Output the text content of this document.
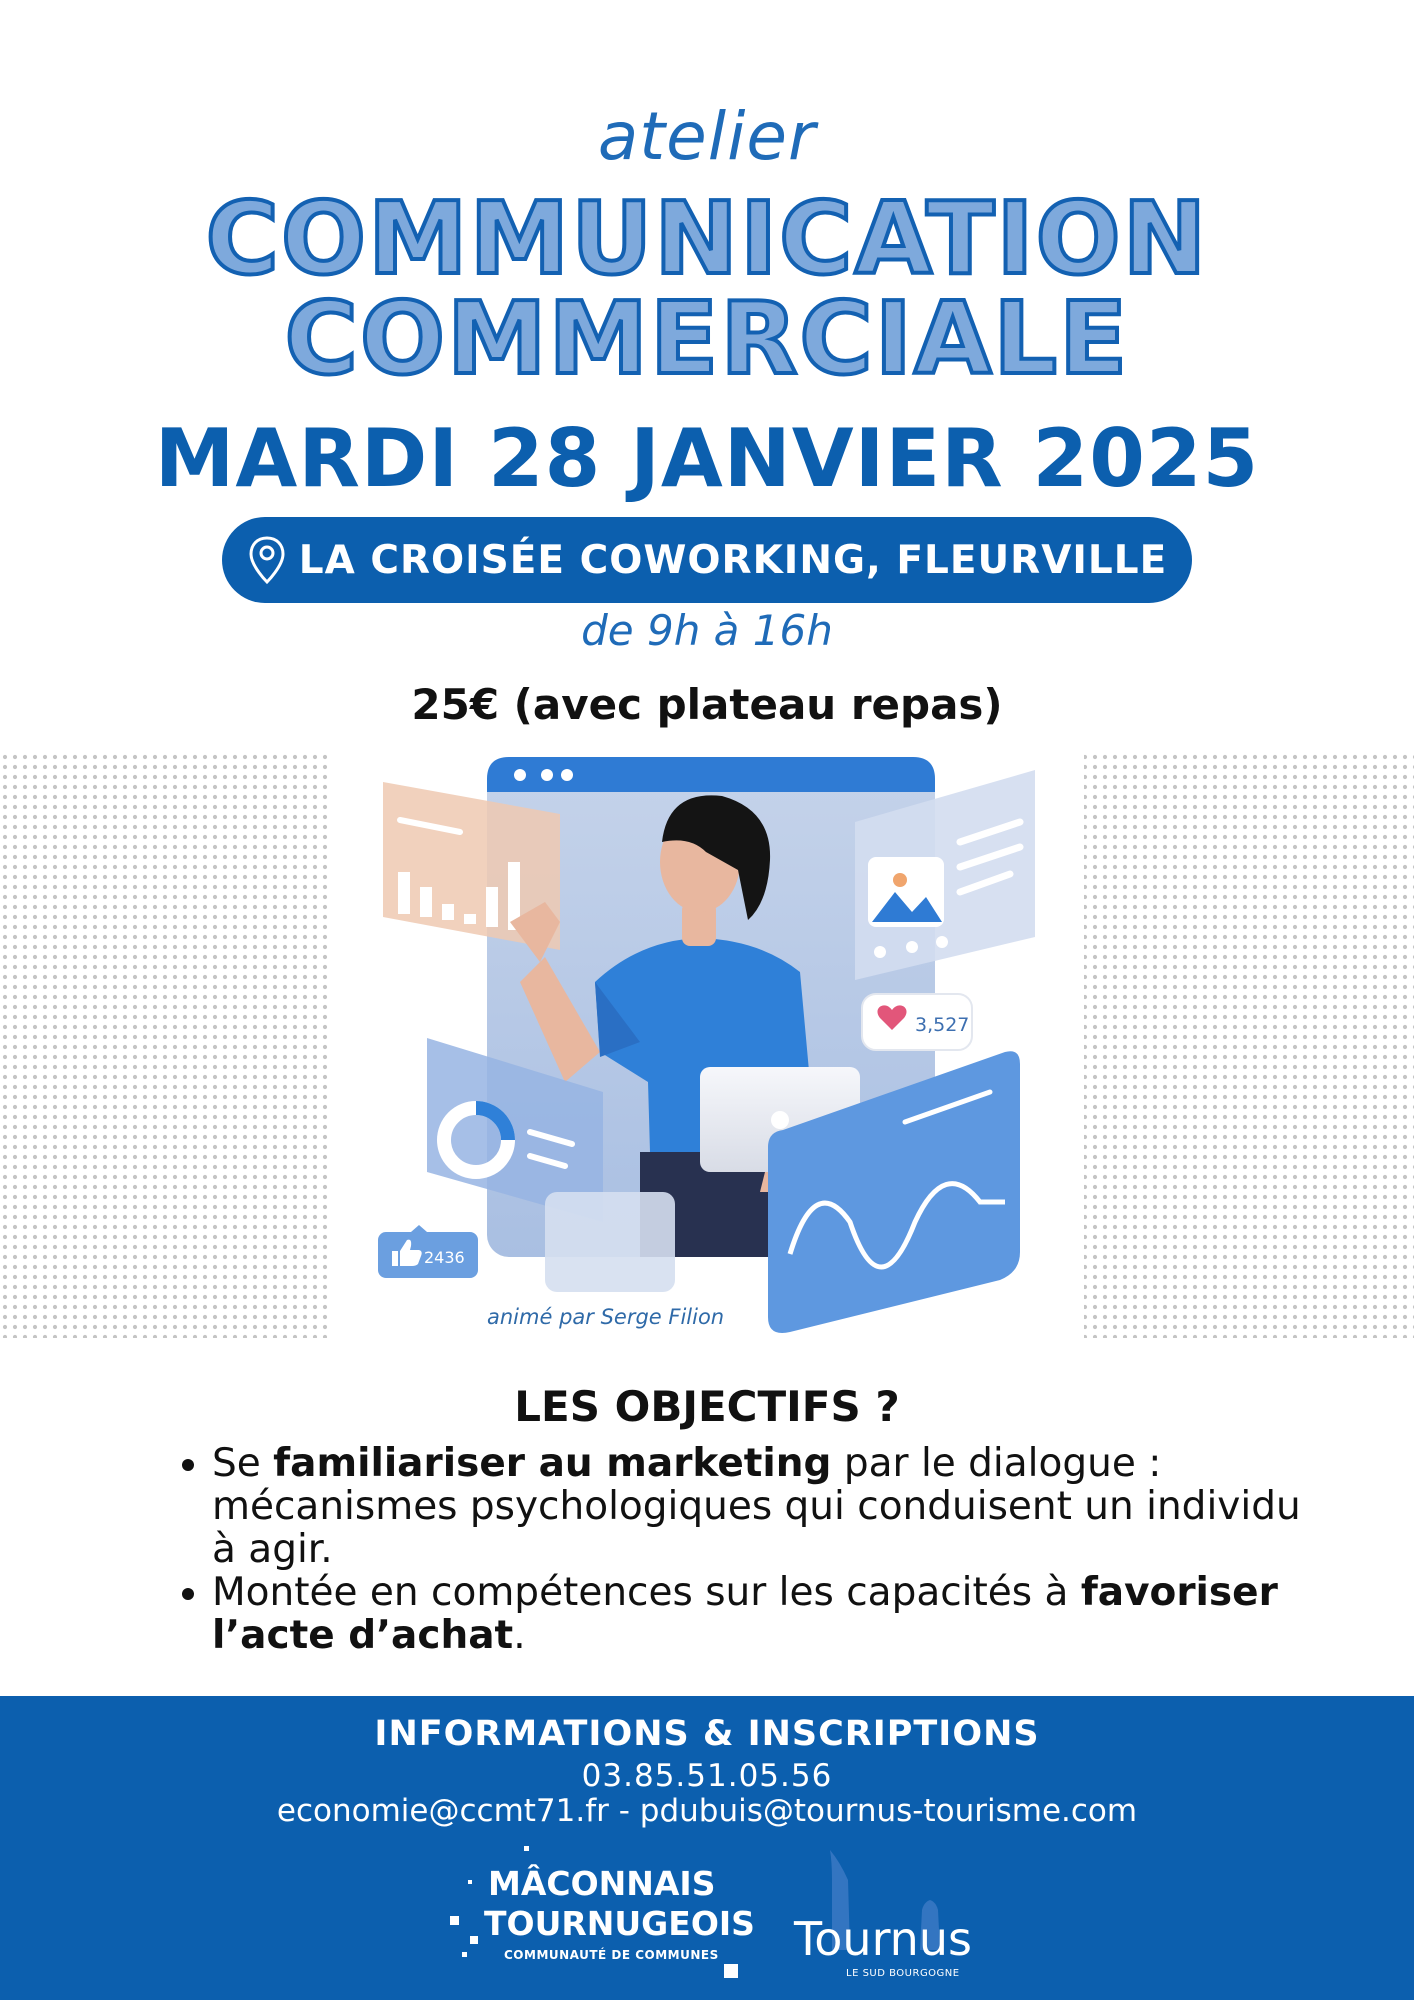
atelier
COMMUNICATION
COMMERCIALE
MARDI 28 JANVIER 2025
LA CROISÉE COWORKING, FLEURVILLE
de 9h à 16h
25€ (avec plateau repas)
3,527
2436
animé par Serge Filion
LES OBJECTIFS ?
• Se familiariser au marketing par le dialogue : mécanismes psychologiques qui conduisent un individu à agir.
• Montée en compétences sur les capacités à favoriser l’acte d’achat.
INFORMATIONS & INSCRIPTIONS
03.85.51.05.56
economie@ccmt71.fr - pdubuis@tournus-tourisme.com
MÂCONNAIS
TOURNUGEOIS
COMMUNAUTÉ DE COMMUNES Tournus
LE SUD BOURGOGNE
